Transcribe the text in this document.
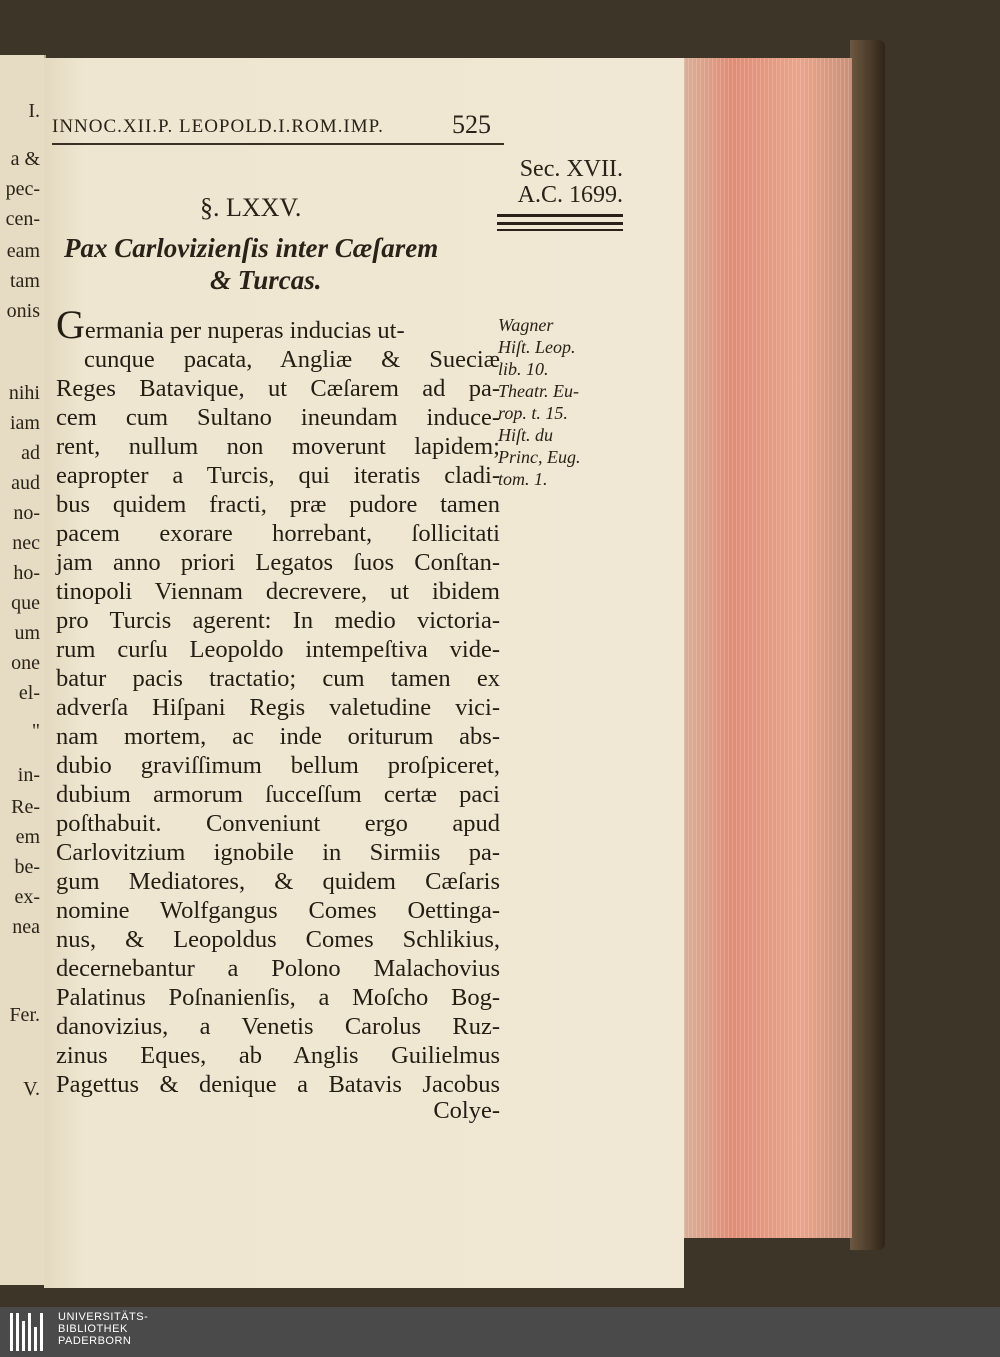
I.
a &
pec-
cen-
eam
tam
onis
nihi
iam
ad
aud
no-
nec
ho-
que
um
one
el-
"
in-
Re-
em
be-
ex-
nea
Fer.
V.
INNOC.XII.P. LEOPOLD.I.ROM.IMP.	525
Sec. XVII.
A.C. 1699.
§. LXXV.
Pax Carlovizienſis inter Cæſarem
& Turcas.
Germania per nuperas inducias ut-
cunque pacata, Angliæ & Sueciæ
Reges Batavique, ut Cæſarem ad pa-
cem cum Sultano ineundam induce-
rent, nullum non moverunt lapidem;
eapropter a Turcis, qui iteratis cladi-
bus quidem fracti, præ pudore tamen
pacem exorare horrebant, ſollicitati
jam anno priori Legatos ſuos Conſtan-
tinopoli Viennam decrevere, ut ibidem
pro Turcis agerent: In medio victoria-
rum curſu Leopoldo intempeſtiva vide-
batur pacis tractatio; cum tamen ex
adverſa Hiſpani Regis valetudine vici-
nam mortem, ac inde oriturum abs-
dubio graviſſimum bellum proſpiceret,
dubium armorum ſucceſſum certæ paci
poſthabuit. Conveniunt ergo apud
Carlovitzium ignobile in Sirmiis pa-
gum Mediatores, & quidem Cæſaris
nomine Wolfgangus Comes Oettinga-
nus, & Leopoldus Comes Schlikius,
decernebantur a Polono Malachovius
Palatinus Poſnanienſis, a Moſcho Bog-
danovizius, a Venetis Carolus Ruz-
zinus Eques, ab Anglis Guilielmus
Pagettus & denique a Batavis Jacobus
Wagner
Hiſt. Leop.
lib. 10.
Theatr. Eu-
rop. t. 15.
Hiſt. du
Princ, Eug.
tom. 1.
Colye-
UNIVERSITÄTS-
BIBLIOTHEK
PADERBORN
